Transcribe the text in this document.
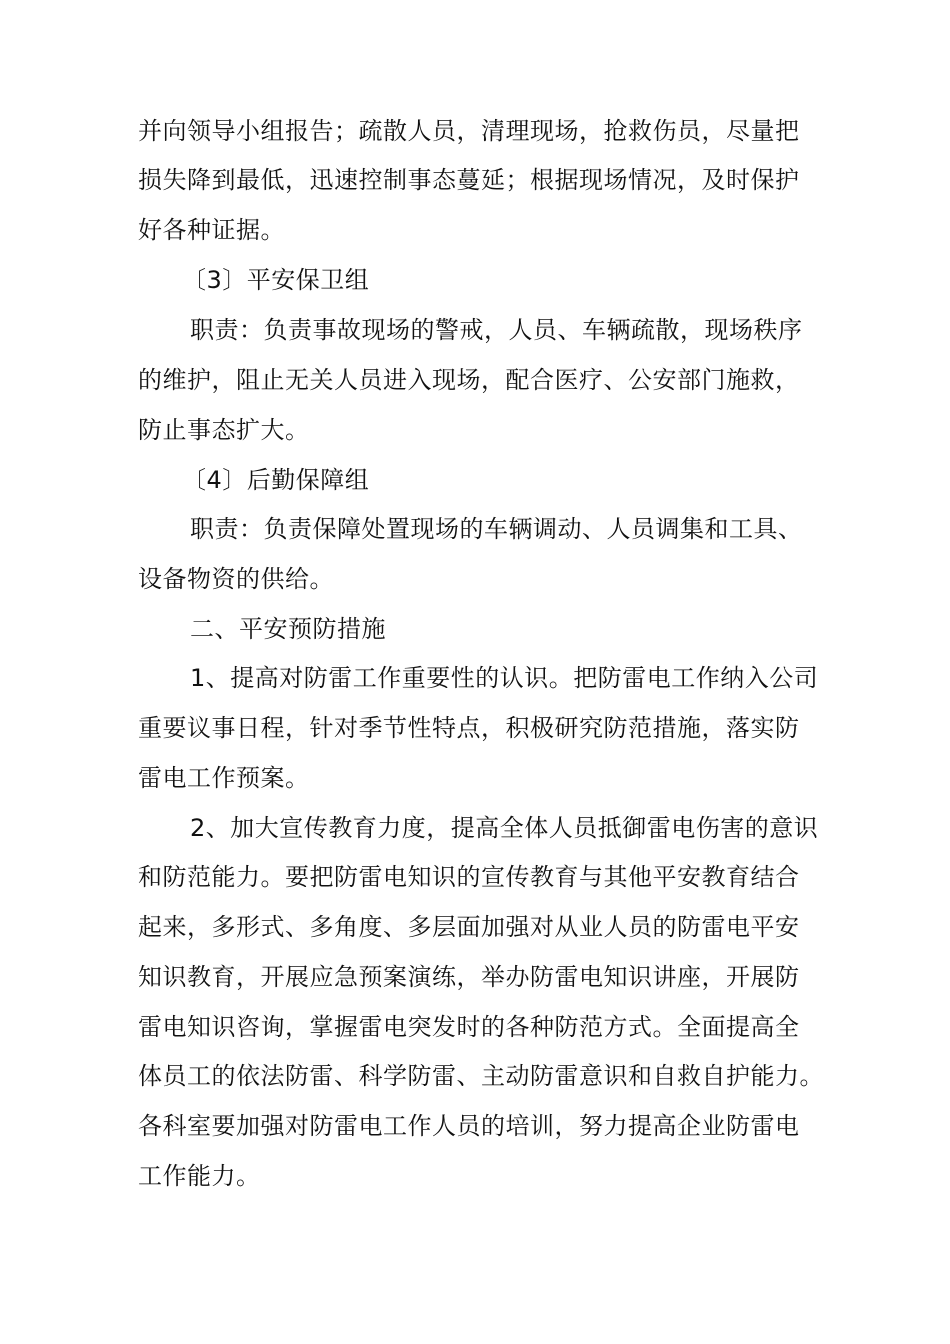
并向领导小组报告；疏散人员，清理现场，抢救伤员，尽量把
损失降到最低，迅速控制事态蔓延；根据现场情况，及时保护
好各种证据。
〔3〕平安保卫组
职责：负责事故现场的警戒，人员、车辆疏散，现场秩序
的维护，阻止无关人员进入现场，配合医疗、公安部门施救，
防止事态扩大。
〔4〕后勤保障组
职责：负责保障处置现场的车辆调动、人员调集和工具、
设备物资的供给。
二、平安预防措施
1、提高对防雷工作重要性的认识。把防雷电工作纳入公司
重要议事日程，针对季节性特点，积极研究防范措施，落实防
雷电工作预案。
2、加大宣传教育力度，提高全体人员抵御雷电伤害的意识
和防范能力。要把防雷电知识的宣传教育与其他平安教育结合
起来，多形式、多角度、多层面加强对从业人员的防雷电平安
知识教育，开展应急预案演练，举办防雷电知识讲座，开展防
雷电知识咨询，掌握雷电突发时的各种防范方式。全面提高全
体员工的依法防雷、科学防雷、主动防雷意识和自救自护能力。
各科室要加强对防雷电工作人员的培训，努力提高企业防雷电
工作能力。
